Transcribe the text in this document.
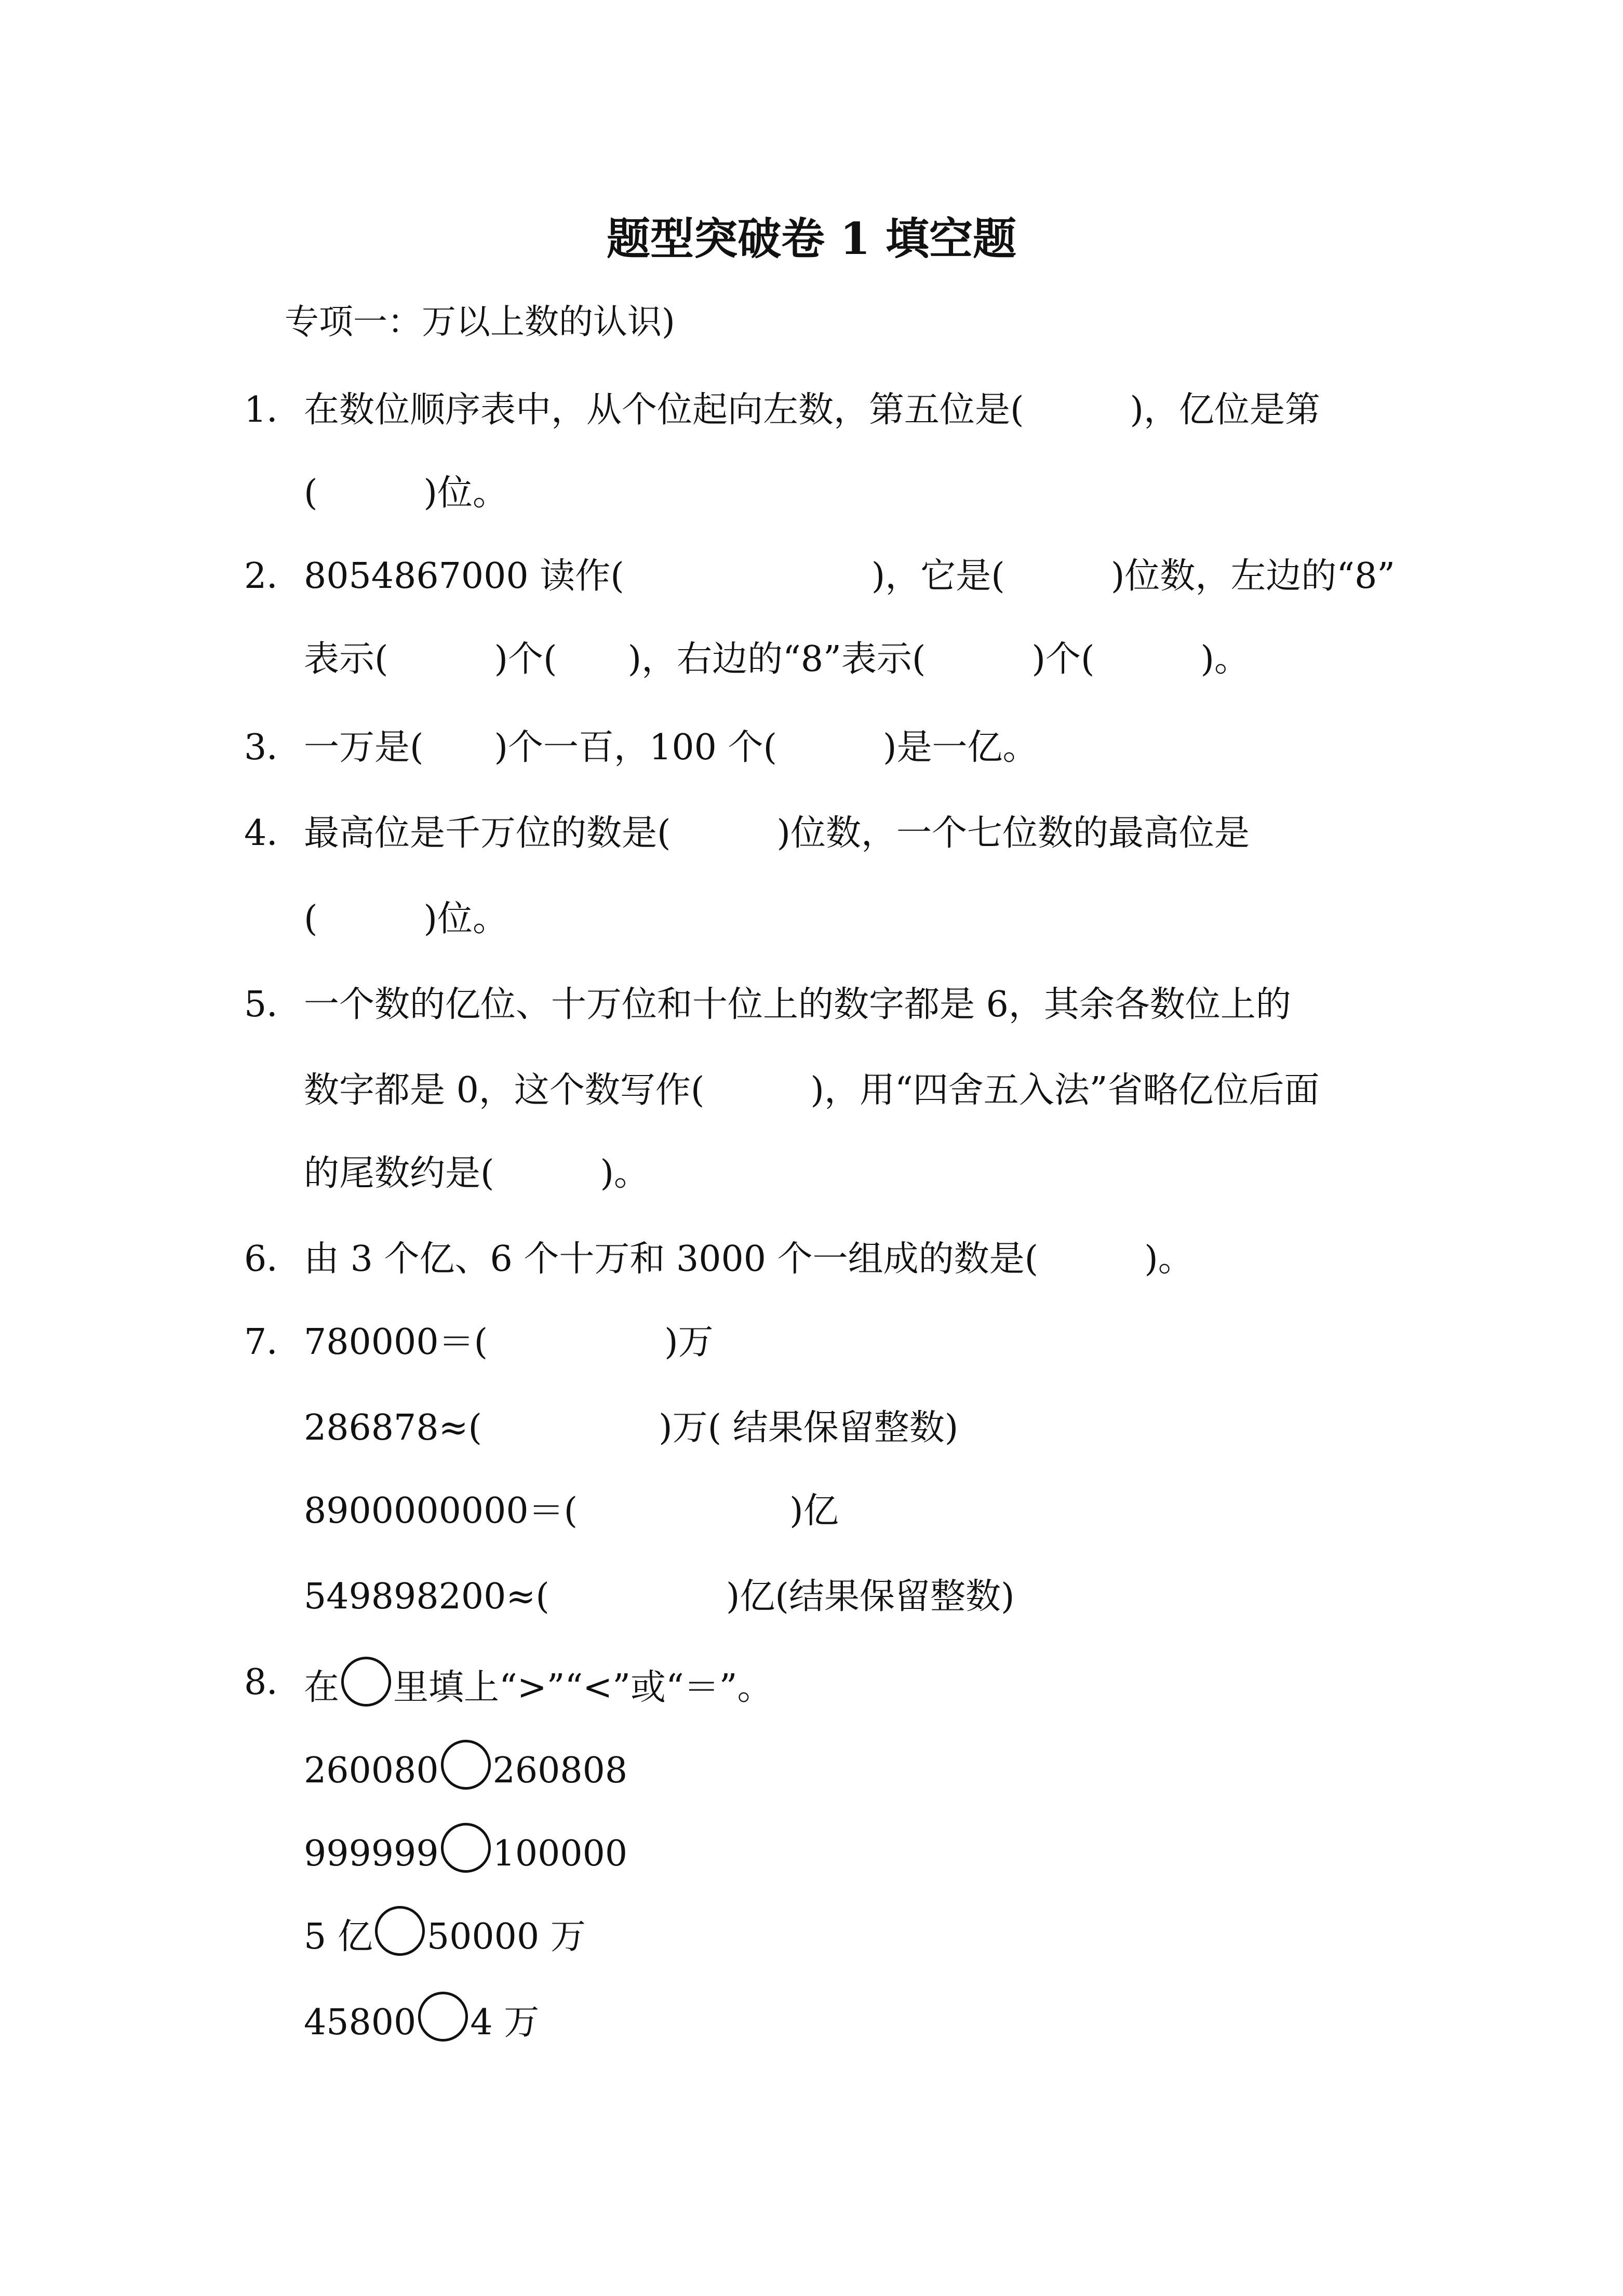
题型突破卷 1 填空题
专项一：万以上数的认识)
1． 在数位顺序表中，从个位起向左数，第五位是(　　　)，亿位是第
(　　　)位。
2． 8054867000 读作(　　　　　　　)，它是(　　　)位数，左边的“8”
表示(　　　)个(　　)，右边的“8”表示(　　　)个(　　　)。
3． 一万是(　　)个一百，100 个(　　　)是一亿。
4． 最高位是千万位的数是(　　　)位数，一个七位数的最高位是
(　　　)位。
5． 一个数的亿位、十万位和十位上的数字都是 6，其余各数位上的
数字都是 0，这个数写作(　　　)，用“四舍五入法”省略亿位后面
的尾数约是(　　　)。
6． 由 3 个亿、6 个十万和 3000 个一组成的数是(　　　)。
7． 780000＝(　　　　　)万
286878≈(　　　　　)万( 结果保留整数)
8900000000＝(　　　　　　)亿
549898200≈(　　　　　)亿(结果保留整数)
8． 在 里填上“>”“<”或“＝”。
260080 260808
999999 100000
5 亿 50000 万
45800 4 万
